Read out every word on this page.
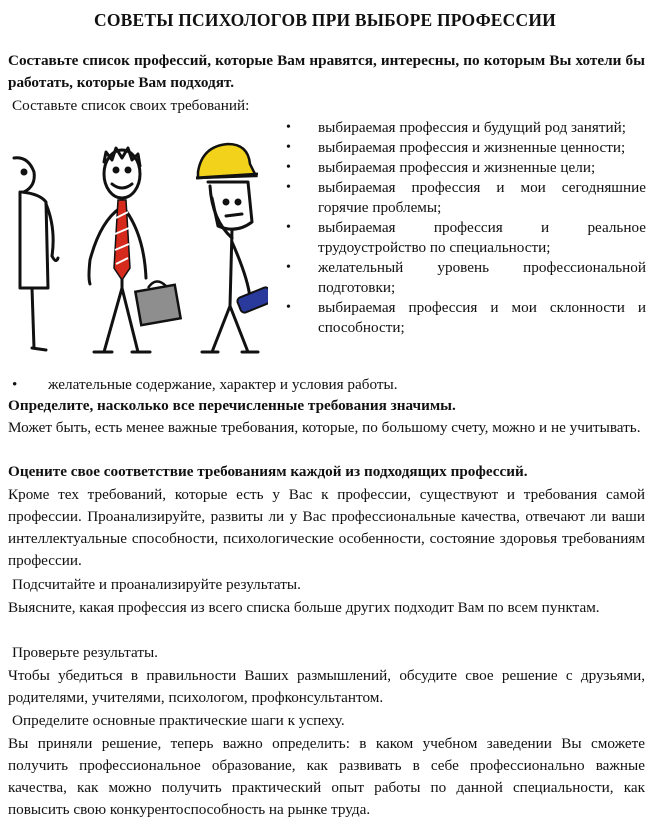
СОВЕТЫ ПСИХОЛОГОВ ПРИ ВЫБОРЕ ПРОФЕССИИ
Составьте список профессий, которые Вам нравятся, интересны, по которым Вы хотели бы работать, которые Вам подходят.
Составьте список своих требований:
• выбираемая профессия и будущий род занятий;
• выбираемая профессия и жизненные ценности;
• выбираемая профессия и жизненные цели;
• выбираемая профессия и мои сегодняшние горячие проблемы;
• выбираемая профессия и реальное трудоустройство по специальности;
• желательный уровень профессиональной подготовки;
• выбираемая профессия и мои склонности и способности;
• желательные содержание, характер и условия работы.
Определите, насколько все перечисленные требования значимы.
Может быть, есть менее важные требования, которые, по большому счету, можно и не учитывать.
Оцените свое соответствие требованиям каждой из подходящих профессий.
Кроме тех требований, которые есть у Вас к профессии, существуют и требования самой профессии. Проанализируйте, развиты ли у Вас профессиональные качества, отвечают ли ваши интеллектуальные способности, психологические особенности, состояние здоровья требованиям профессии.
Подсчитайте и проанализируйте результаты.
Выясните, какая профессия из всего списка больше других подходит Вам по всем пунктам.
Проверьте результаты.
Чтобы убедиться в правильности Ваших размышлений, обсудите свое решение с друзьями, родителями, учителями, психологом, профконсультантом.
Определите основные практические шаги к успеху.
Вы приняли решение, теперь важно определить: в каком учебном заведении Вы сможете получить профессиональное образование, как развивать в себе профессионально важные качества, как можно получить практический опыт работы по данной специальности, как повысить свою конкурентоспособность на рынке труда.
